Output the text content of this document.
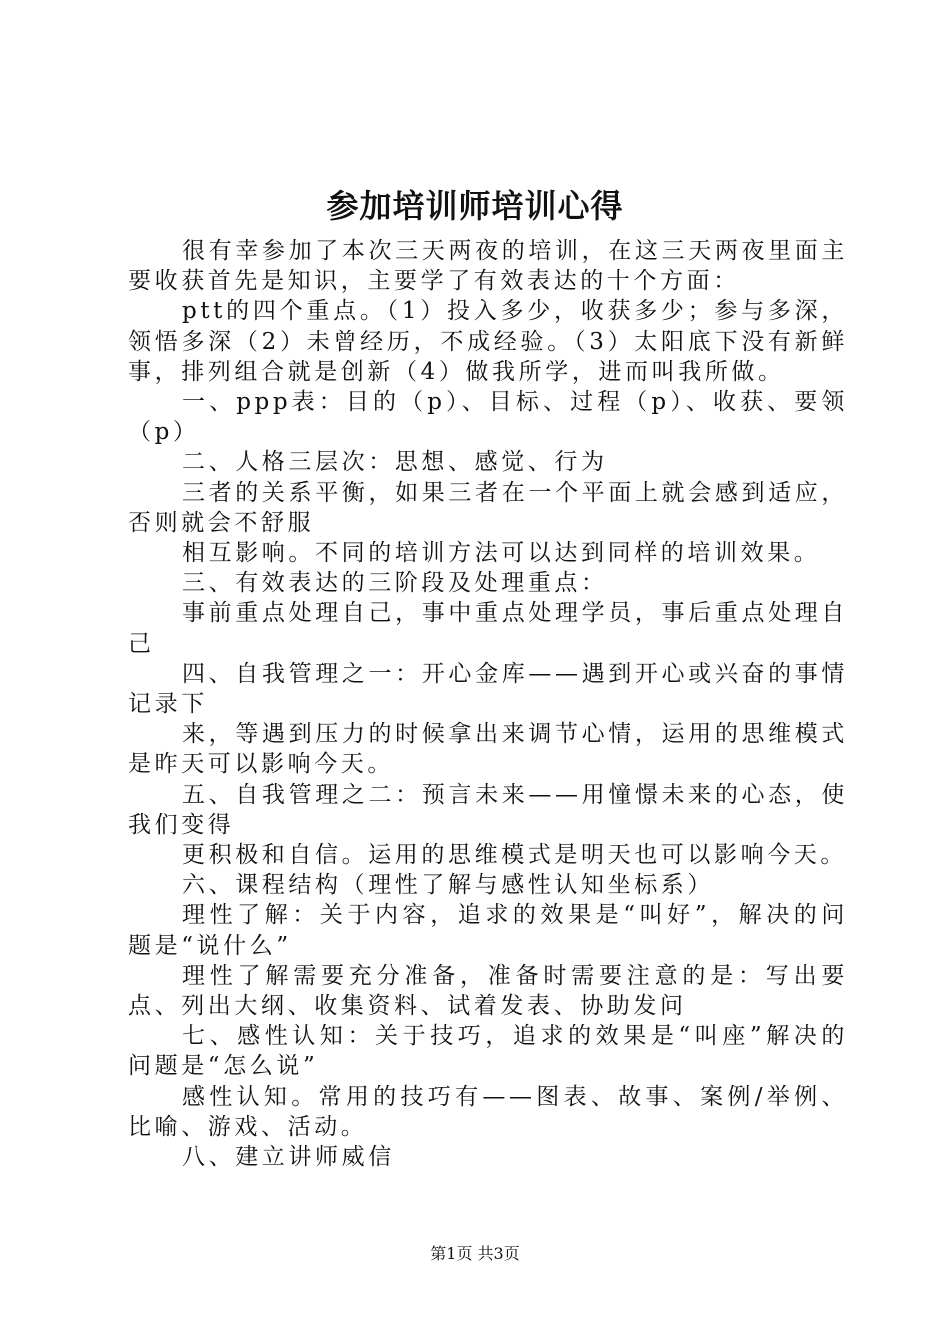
参加培训师培训心得

很有幸参加了本次三天两夜的培训，在这三天两夜里面主要收获首先是知识，主要学了有效表达的十个方面：

ptt的四个重点。（1）投入多少，收获多少；参与多深，领悟多深（2）未曾经历，不成经验。（3）太阳底下没有新鲜事，排列组合就是创新（4）做我所学，进而叫我所做。

一、ppp表：目的（p）、目标、过程（p）、收获、要领（p）

二、人格三层次：思想、感觉、行为

三者的关系平衡，如果三者在一个平面上就会感到适应，否则就会不舒服

相互影响。不同的培训方法可以达到同样的培训效果。

三、有效表达的三阶段及处理重点：

事前重点处理自己，事中重点处理学员，事后重点处理自己

四、自我管理之一：开心金库——遇到开心或兴奋的事情记录下

来，等遇到压力的时候拿出来调节心情，运用的思维模式是昨天可以影响今天。

五、自我管理之二：预言未来——用憧憬未来的心态，使我们变得

更积极和自信。运用的思维模式是明天也可以影响今天。

六、课程结构（理性了解与感性认知坐标系）

理性了解：关于内容，追求的效果是“叫好”，解决的问题是“说什么”

理性了解需要充分准备，准备时需要注意的是：写出要点、列出大纲、收集资料、试着发表、协助发问

七、感性认知：关于技巧，追求的效果是“叫座”解决的问题是“怎么说”

感性认知。常用的技巧有——图表、故事、案例/举例、比喻、游戏、活动。

八、建立讲师威信

第1页 共3页
